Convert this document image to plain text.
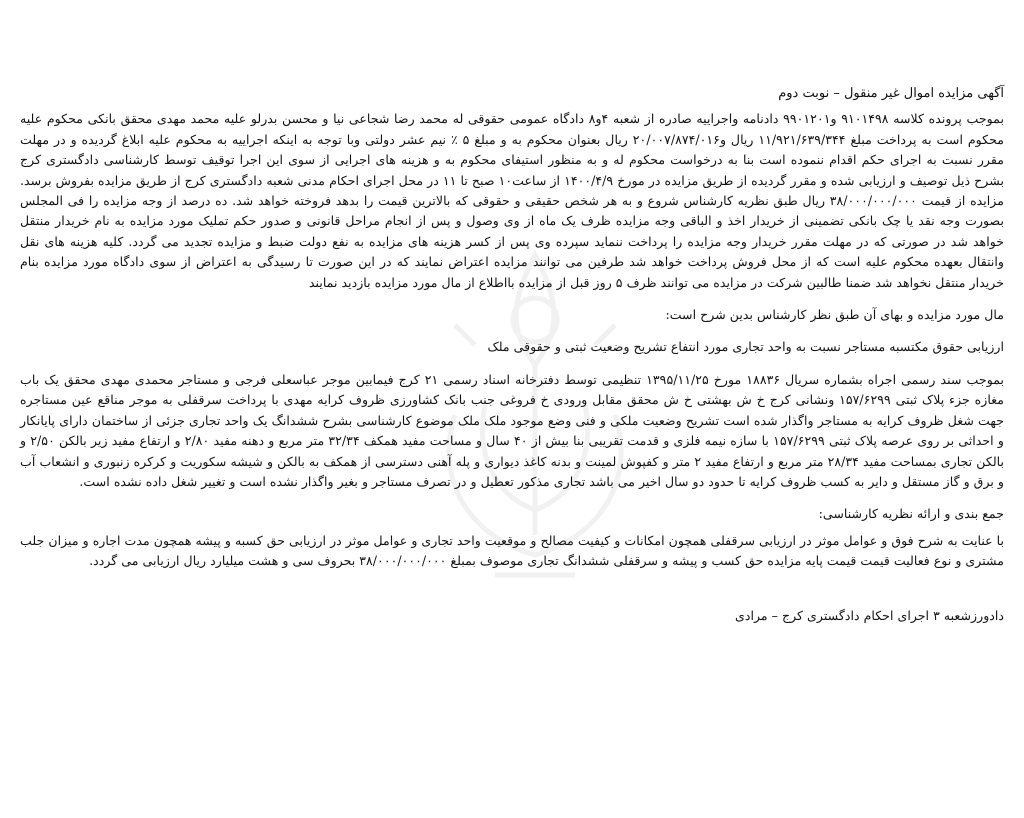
آگهی مزایده اموال غیر منقول – نوبت دوم

بموجب پرونده کلاسه ۹۱۰۱۴۹۸ و۹۹۰۱۲۰۱ دادنامه واجراییه صادره از شعبه ۴و۸ دادگاه عمومی حقوقی له محمد رضا شجاعی نیا و محسن بدرلو علیه محمد مهدی محقق بانکی محکوم علیه محکوم است به پرداخت مبلغ ۱۱/۹۲۱/۶۳۹/۳۴۴ ریال و۲۰/۰۰۷/۸۷۴/۰۱۶ ریال بعنوان محکوم به و مبلغ ۵ ٪ نیم عشر دولتی وبا توجه به اینکه اجراییه به محکوم علیه ابلاغ گردیده و در مهلت مقرر نسبت به اجرای حکم اقدام ننموده است بنا به درخواست محکوم له و به منظور استیفای محکوم به و هزینه های اجرایی از سوی این اجرا توقیف توسط کارشناسی دادگستری کرج بشرح ذیل توصیف و ارزیابی شده و مقرر گردیده از طریق مزایده در مورخ ۱۴۰۰/۴/۹ از ساعت۱۰ صبح تا ۱۱ در محل اجرای احکام مدنی شعبه دادگستری کرج از طریق مزایده بفروش برسد. مزایده از قیمت ۳۸/۰۰۰/۰۰۰/۰۰۰ ریال طبق نظریه کارشناس شروع و به هر شخص حقیقی و حقوقی که بالاترین قیمت را بدهد فروخته خواهد شد. ده درصد از وجه مزایده را فی المجلس بصورت وجه نقد یا چک بانکی تضمینی از خریدار اخذ و الباقی وجه مزایده ظرف یک ماه از وی وصول و پس از انجام مراحل قانونی و صدور حکم تملیک مورد مزایده به نام خریدار منتقل خواهد شد در صورتی که در مهلت مقرر خریدار وجه مزایده را پرداخت ننماید سپرده وی پس از کسر هزینه های مزایده به نفع دولت ضبط و مزایده تجدید می گردد. کلیه هزینه های نقل وانتقال بعهده محکوم علیه است که از محل فروش پرداخت خواهد شد طرفین می توانند مزایده اعتراض نمایند که در این صورت تا رسیدگی به اعتراض از سوی دادگاه مورد مزایده بنام خریدار منتقل نخواهد شد ضمنا طالبین شرکت در مزایده می توانند ظرف ۵ روز قبل از مزایده بااطلاع از مال مورد مزایده بازدید نمایند

مال مورد مزایده و بهای آن طبق نظر کارشناس بدین شرح است:

ارزیابی حقوق مکتسبه مستاجر نسبت به واحد تجاری مورد انتفاع تشریح وضعیت ثبتی و حقوقی ملک

بموجب سند رسمی اجراه بشماره سریال ۱۸۸۳۶ مورخ ۱۳۹۵/۱۱/۲۵ تنظیمی توسط دفترخانه اسناد رسمی ۲۱ کرج فیمابین موجر عباسعلی فرجی و مستاجر محمدی مهدی محقق یک باب مغازه جزء پلاک ثبتی ۱۵۷/۶۲۹۹ ونشانی کرج خ ش بهشتی خ ش محقق مقابل ورودی خ فروغی جنب بانک کشاورزی ظروف کرایه مهدی با پرداخت سرقفلی به موجر مناقع عین مستاجره جهت شغل ظروف کرایه به مستاجر واگذار شده است تشریح وضعیت ملکی و فنی وضع موجود ملک ملک موضوع کارشناسی بشرح ششدانگ یک واحد تجاری جزئی از ساختمان دارای پایانکار و احداثی بر روی عرصه پلاک ثبتی ۱۵۷/۶۲۹۹ با سازه نیمه فلزی و قدمت تقریبی بنا بیش از ۴۰ سال و مساحت مفید همکف ۳۲/۳۴ متر مربع و دهنه مفید ۲/۸۰ و ارتفاع مفید زیر بالکن ۲/۵۰ و بالکن تجاری بمساحت مفید ۲۸/۳۴ متر مربع و ارتفاع مفید ۲ متر و کفپوش لمینت و بدنه کاغذ دیواری و پله آهنی دسترسی از همکف به بالکن و شیشه سکوریت و کرکره زنبوری و انشعاب آب و برق و گاز مستقل و دایر به کسب ظروف کرایه تا حدود دو سال اخیر می باشد تجاری مذکور تعطیل و در تصرف مستاجر و بغیر واگذار نشده است و تغییر شغل داده نشده است.

جمع بندی و ارائه نظریه کارشناسی:

با عنایت به شرح فوق و عوامل موثر در ارزیابی سرقفلی همچون امکانات و کیفیت مصالح و موقعیت واحد تجاری و عوامل موثر در ارزیابی حق کسبه و پیشه همچون مدت اجاره و میزان جلب مشتری و نوع فعالیت قیمت قیمت پایه مزایده حق کسب و پیشه و سرقفلی ششدانگ تجاری موصوف بمبلغ ۳۸/۰۰۰/۰۰۰/۰۰۰ بحروف سی و هشت میلیارد ریال ارزیابی می گردد.

دادورزشعبه ۳ اجرای احکام دادگستری کرج – مرادی
